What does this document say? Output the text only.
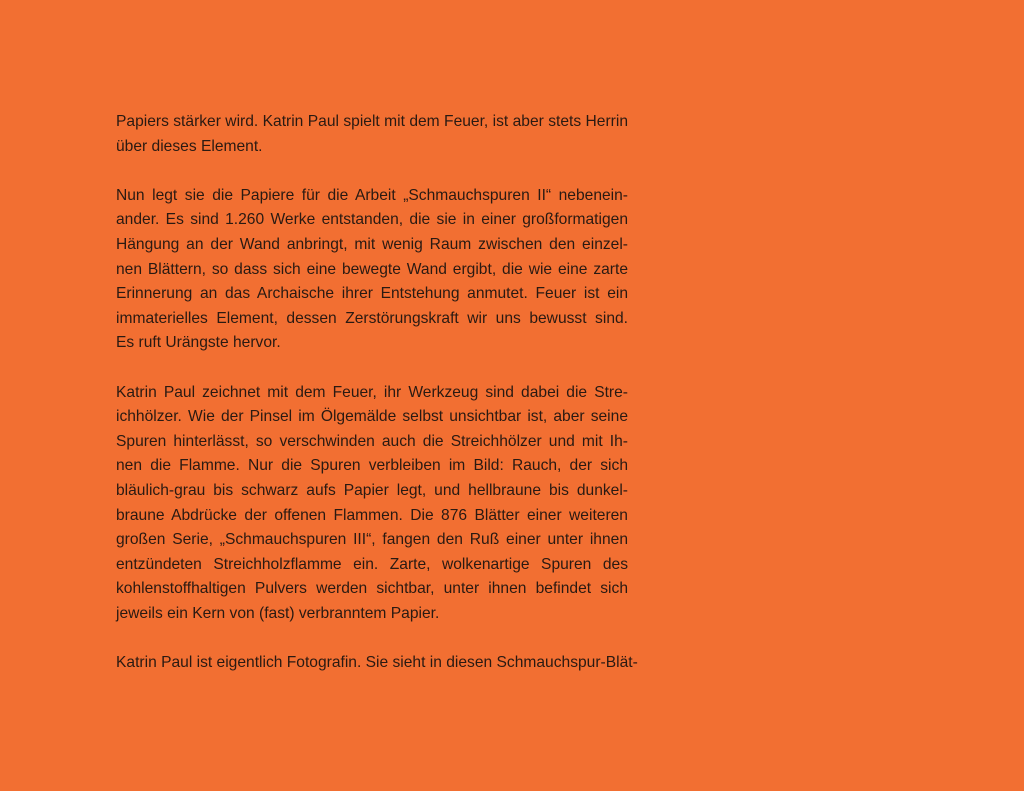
Papiers stärker wird. Katrin Paul spielt mit dem Feuer, ist aber stets Herrin
über dieses Element.
Nun legt sie die Papiere für die Arbeit „Schmauchspuren II“ nebenein-
ander. Es sind 1.260 Werke entstanden, die sie in einer großformatigen
Hängung an der Wand anbringt, mit wenig Raum zwischen den einzel-
nen Blättern, so dass sich eine bewegte Wand ergibt, die wie eine zarte
Erinnerung an das Archaische ihrer Entstehung anmutet. Feuer ist ein
immaterielles Element, dessen Zerstörungskraft wir uns bewusst sind.
Es ruft Urängste hervor.
Katrin Paul zeichnet mit dem Feuer, ihr Werkzeug sind dabei die Stre-
ichhölzer. Wie der Pinsel im Ölgemälde selbst unsichtbar ist, aber seine
Spuren hinterlässt, so verschwinden auch die Streichhölzer und mit Ih-
nen die Flamme. Nur die Spuren verbleiben im Bild: Rauch, der sich
bläulich-grau bis schwarz aufs Papier legt, und hellbraune bis dunkel-
braune Abdrücke der offenen Flammen. Die 876 Blätter einer weiteren
großen Serie, „Schmauchspuren III“, fangen den Ruß einer unter ihnen
entzündeten Streichholzflamme ein. Zarte, wolkenartige Spuren des
kohlenstoffhaltigen Pulvers werden sichtbar, unter ihnen befindet sich
jeweils ein Kern von (fast) verbranntem Papier.
Katrin Paul ist eigentlich Fotografin. Sie sieht in diesen Schmauchspur-Blät-
